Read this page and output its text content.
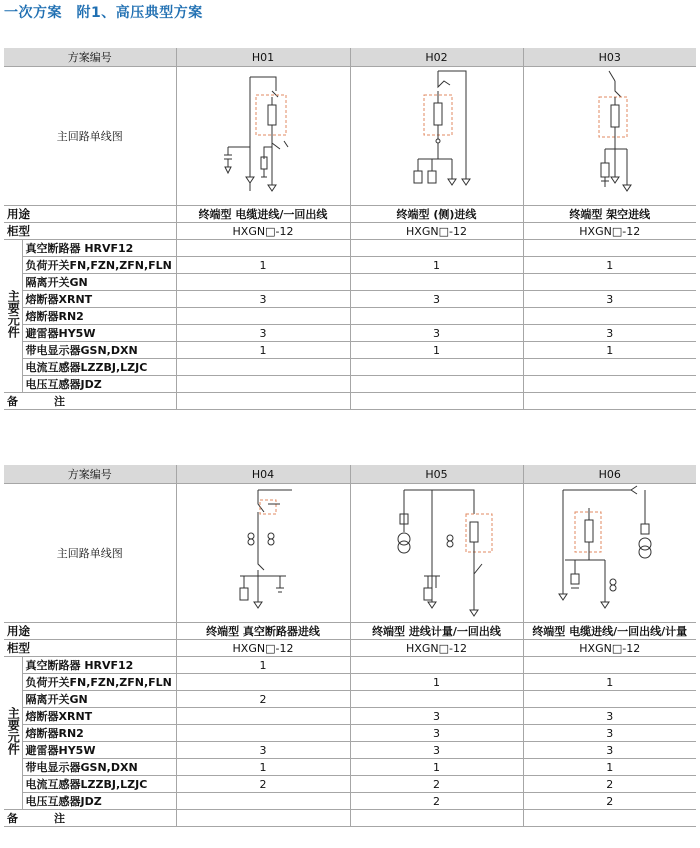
一次方案　附1、高压典型方案
方案编号		H01	H02	H03
主回路单线图	

用途		终端型 电缆进线/一回出线	终端型 (侧)进线	终端型 架空进线
柜型		HXGN□-12	HXGN□-12	HXGN□-12
主要元件	真空断路器 HRVF12			
	负荷开关FN,FZN,ZFN,FLN	1	1	1
	隔离开关GN			
	熔断器XRNT	3	3	3
	熔断器RN2			
	避雷器HY5W	3	3	3
	带电显示器GSN,DXN	1	1	1
	电流互感器LZZBJ,LZJC			
	电压互感器JDZ			
备 注				
方案编号		H04	H05	H06
主回路单线图	

用途		终端型 真空断路器进线	终端型 进线计量/一回出线	终端型 电缆进线/一回出线/计量
柜型		HXGN□-12	HXGN□-12	HXGN□-12
主要元件	真空断路器 HRVF12	1		
	负荷开关FN,FZN,ZFN,FLN		1	1
	隔离开关GN	2		
	熔断器XRNT		3	3
	熔断器RN2		3	3
	避雷器HY5W	3	3	3
	带电显示器GSN,DXN	1	1	1
	电流互感器LZZBJ,LZJC	2	2	2
	电压互感器JDZ		2	2
备 注				
